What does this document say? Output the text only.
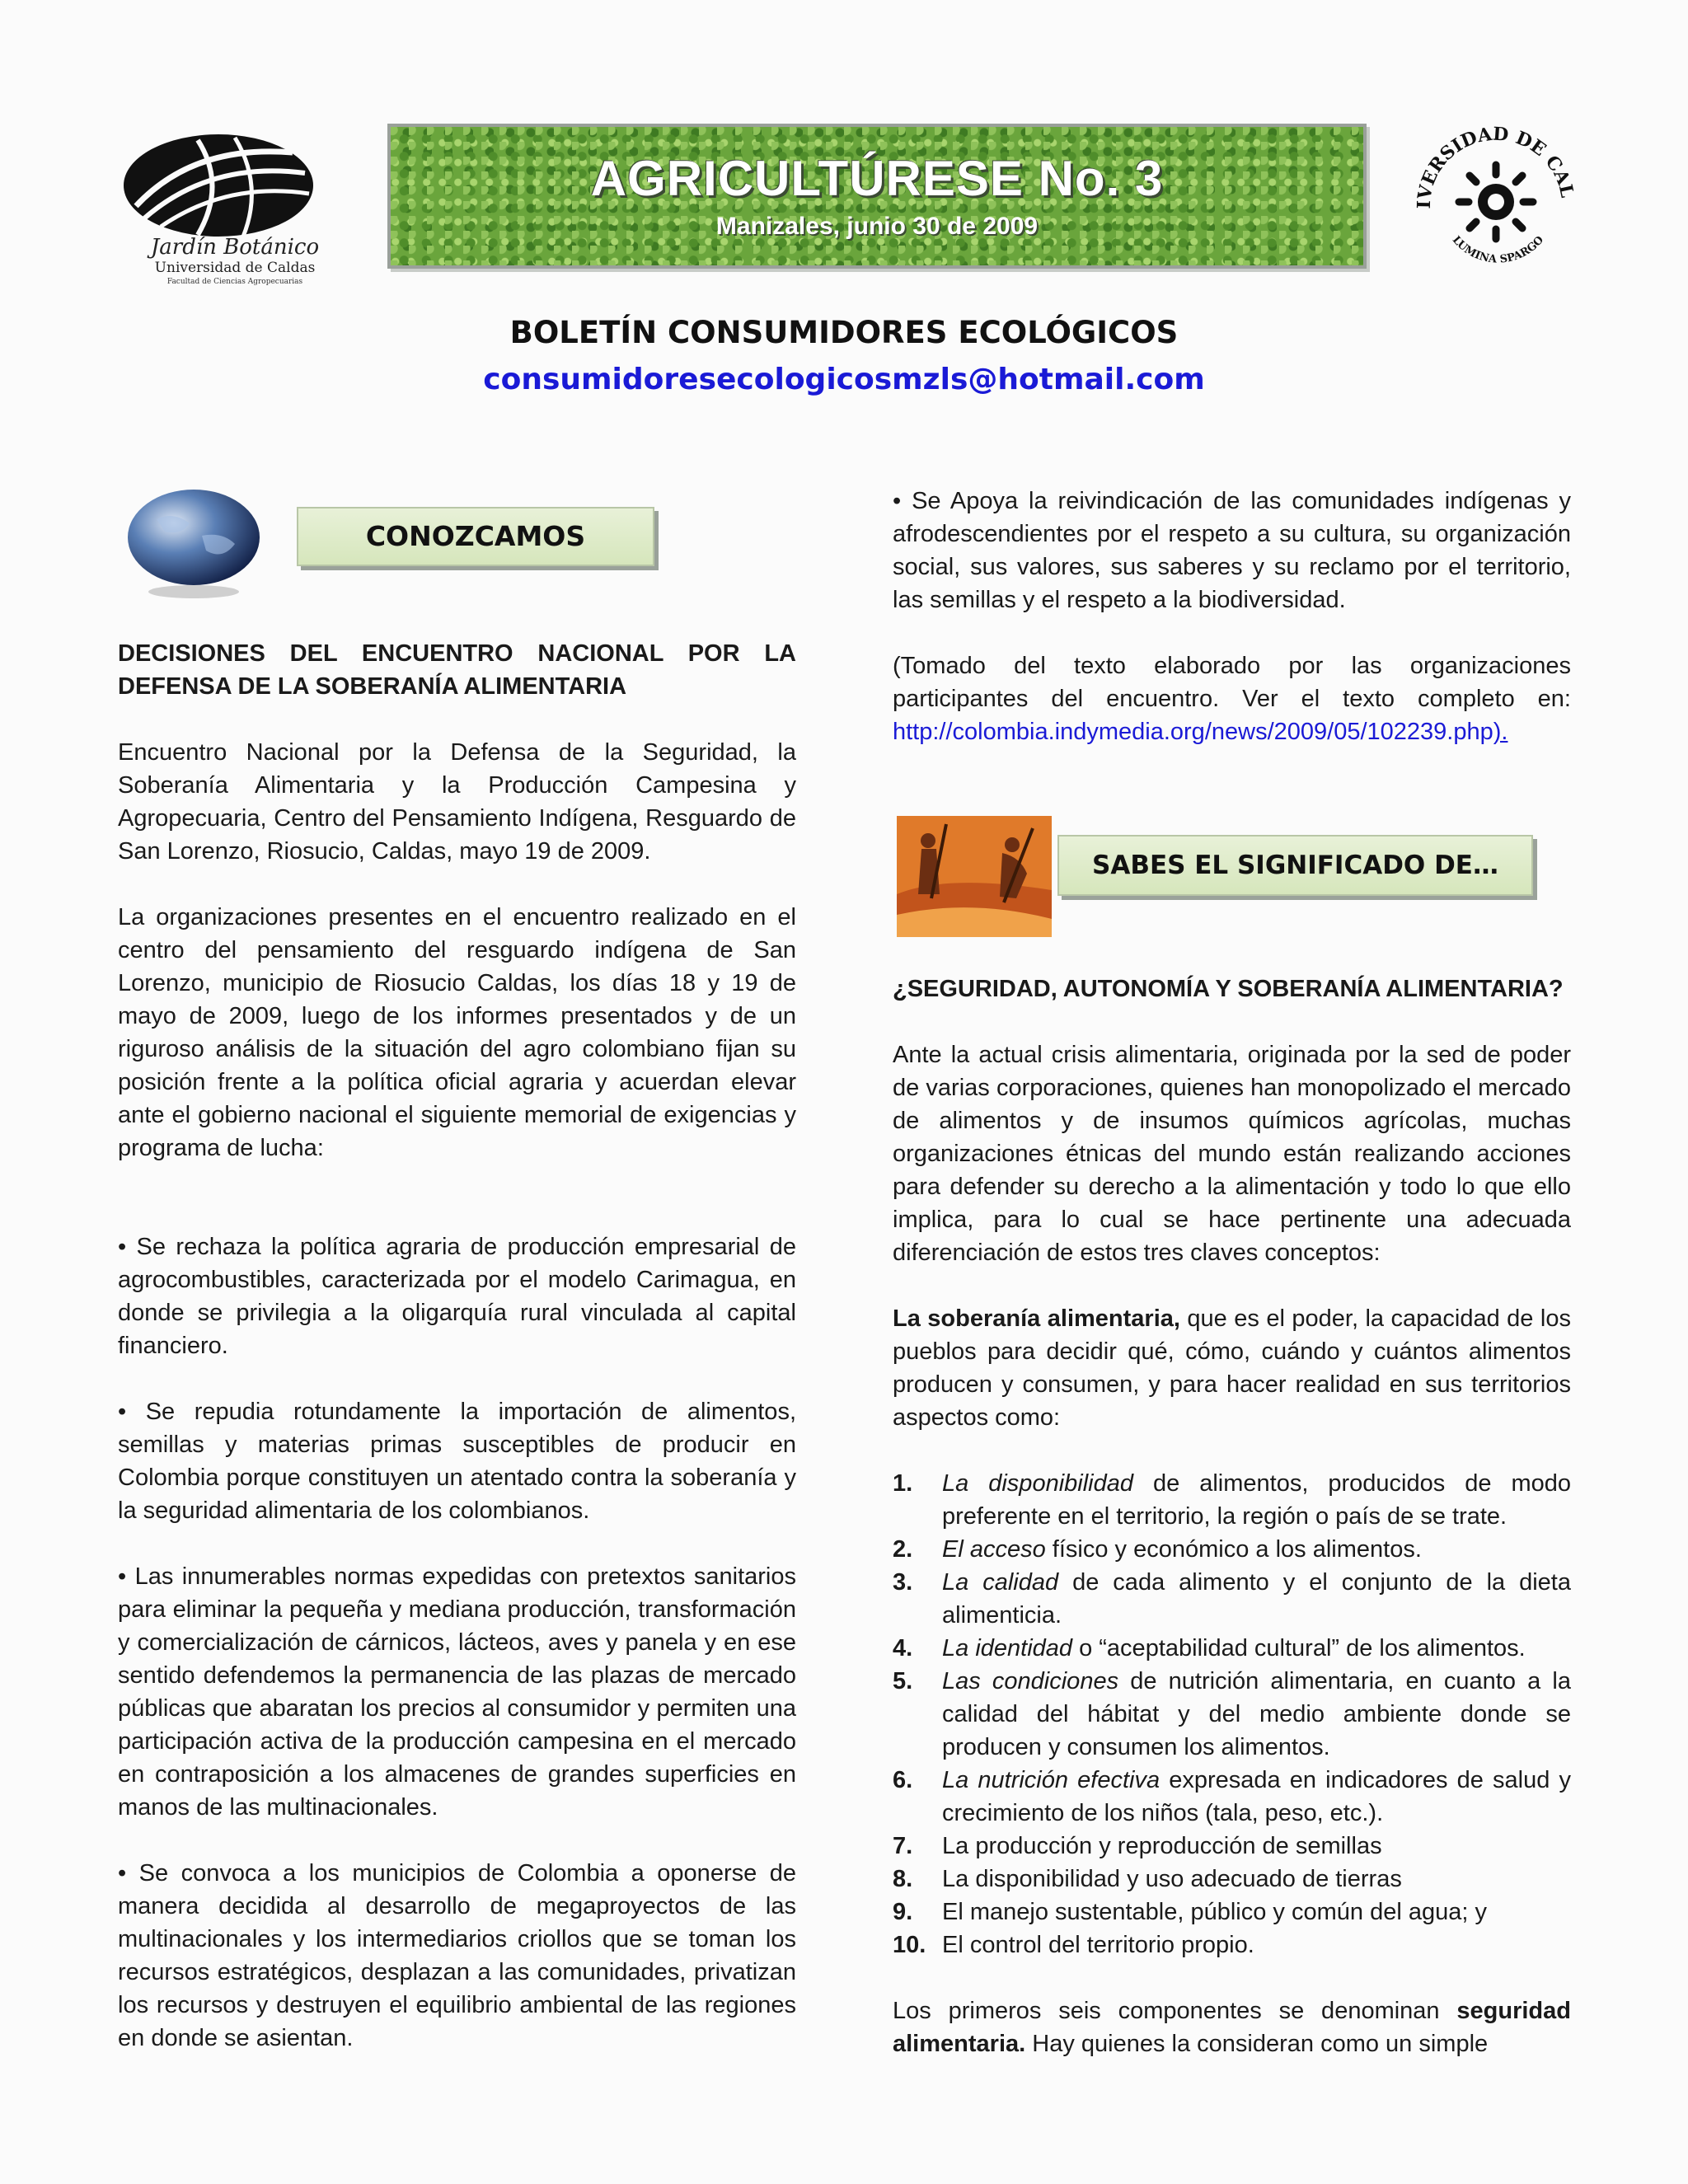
Jardín Botánico
Universidad de Caldas
Facultad de Ciencias Agropecuarias
AGRICULTÚRESE No. 3
Manizales, junio 30 de 2009
IVERSIDAD DE CAL
LUMINA SPARGO
BOLETÍN CONSUMIDORES ECOLÓGICOS
consumidoresecologicosmzls@hotmail.com
CONOZCAMOS
SABES EL SIGNIFICADO DE…

DECISIONES DEL ENCUENTRO NACIONAL POR LA DEFENSA DE LA SOBERANÍA ALIMENTARIA

Encuentro Nacional por la Defensa de la Seguridad, la Soberanía Alimentaria y la Producción Campesina y Agropecuaria, Centro del Pensamiento Indígena, Resguardo de San Lorenzo, Riosucio, Caldas, mayo 19 de 2009.

La organizaciones presentes en el encuentro realizado en el centro del pensamiento del resguardo indígena de San Lorenzo, municipio de Riosucio Caldas, los días 18 y 19 de mayo de 2009, luego de los informes presentados y de un riguroso análisis de la situación del agro colombiano fijan su posición frente a la política oficial agraria y acuerdan elevar ante el gobierno nacional el siguiente memorial de exigencias y programa de lucha:

• Se rechaza la política agraria de producción empresarial de agrocombustibles, caracterizada por el modelo Carimagua, en donde se privilegia a la oligarquía rural vinculada al capital financiero.

• Se repudia rotundamente la importación de alimentos, semillas y materias primas susceptibles de producir en Colombia porque constituyen un atentado contra la soberanía y la seguridad alimentaria de los colombianos.

• Las innumerables normas expedidas con pretextos sanitarios para eliminar la pequeña y mediana producción, transformación y comercialización de cárnicos, lácteos, aves y panela y en ese sentido defendemos la permanencia de las plazas de mercado públicas que abaratan los precios al consumidor y permiten una participación activa de la producción campesina en el mercado en contraposición a los almacenes de grandes superficies en manos de las multinacionales.

• Se convoca a los municipios de Colombia a oponerse de manera decidida al desarrollo de megaproyectos de las multinacionales y los intermediarios criollos que se toman los recursos estratégicos, desplazan a las comunidades, privatizan los recursos y destruyen el equilibrio ambiental de las regiones en donde se asientan.

• Se Apoya la reivindicación de las comunidades indígenas y afrodescendientes por el respeto a su cultura, su organización social, sus valores, sus saberes y su reclamo por el territorio, las semillas y el respeto a la biodiversidad.

(Tomado del texto elaborado por las organizaciones participantes del encuentro. Ver el texto completo en: http://colombia.indymedia.org/news/2009/05/102239.php).

¿SEGURIDAD, AUTONOMÍA Y SOBERANÍA ALIMENTARIA?

Ante la actual crisis alimentaria, originada por la sed de poder de varias corporaciones, quienes han monopolizado el mercado de alimentos y de insumos químicos agrícolas, muchas organizaciones étnicas del mundo están realizando acciones para defender su derecho a la alimentación y todo lo que ello implica, para lo cual se hace pertinente una adecuada diferenciación de estos tres claves conceptos:

La soberanía alimentaria, que es el poder, la capacidad de los pueblos para decidir qué, cómo, cuándo y cuántos alimentos producen y consumen, y para hacer realidad en sus territorios aspectos como:

1. La disponibilidad de alimentos, producidos de modo preferente en el territorio, la región o país de se trate.
2. El acceso físico y económico a los alimentos.
3. La calidad de cada alimento y el conjunto de la dieta alimenticia.
4. La identidad o “aceptabilidad cultural” de los alimentos.
5. Las condiciones de nutrición alimentaria, en cuanto a la calidad del hábitat y del medio ambiente donde se producen y consumen los alimentos.
6. La nutrición efectiva expresada en indicadores de salud y crecimiento de los niños (tala, peso, etc.).
7. La producción y reproducción de semillas
8. La disponibilidad y uso adecuado de tierras
9. El manejo sustentable, público y común del agua; y
10. El control del territorio propio.

Los primeros seis componentes se denominan seguridad alimentaria. Hay quienes la consideran como un simple
